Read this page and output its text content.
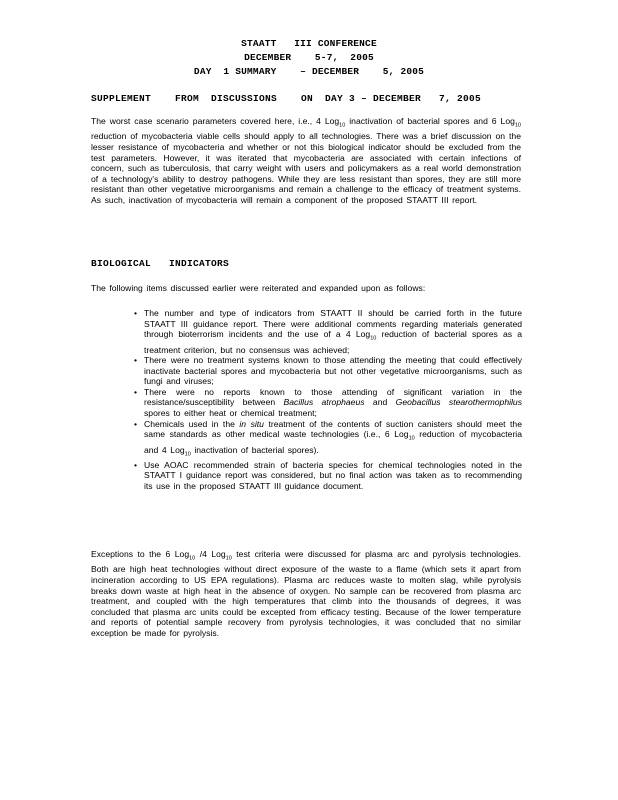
STAATT   III CONFERENCE
DECEMBER    5-7,  2005
DAY  1 SUMMARY    – DECEMBER    5, 2005
SUPPLEMENT    FROM  DISCUSSIONS    ON  DAY 3 – DECEMBER   7, 2005

The worst case scenario parameters covered here, i.e., 4 Log$_{10}$ inactivation of bacterial spores and 6 Log$_{10}$ reduction of mycobacteria viable cells should apply to all technologies. There was a brief discussion on the lesser resistance of mycobacteria and whether or not this biological indicator should be excluded from the test parameters. However, it was iterated that mycobacteria are associated with certain infections of concern, such as tuberculosis, that carry weight with users and policymakers as a real world demonstration of a technology's ability to destroy pathogens. While they are less resistant than spores, they are still more resistant than other vegetative microorganisms and remain a challenge to the efficacy of treatment systems. As such, inactivation of mycobacteria will remain a component of the proposed STAATT III report.

BIOLOGICAL   INDICATORS

The following items discussed earlier were reiterated and expanded upon as follows:

• The number and type of indicators from STAATT II should be carried forth in the future STAATT III guidance report. There were additional comments regarding materials generated through bioterrorism incidents and the use of a 4 Log$_{10}$ reduction of bacterial spores as a treatment criterion, but no consensus was achieved;
• There were no treatment systems known to those attending the meeting that could effectively inactivate bacterial spores and mycobacteria but not other vegetative microorganisms, such as fungi and viruses;
• There were no reports known to those attending of significant variation in the resistance/susceptibility between Bacillus atrophaeus and Geobacillus stearothermophilus spores to either heat or chemical treatment;
• Chemicals used in the in situ treatment of the contents of suction canisters should meet the same standards as other medical waste technologies (i.e., 6 Log$_{10}$ reduction of mycobacteria and 4 Log$_{10}$ inactivation of bacterial spores).
• Use AOAC recommended strain of bacteria species for chemical technologies noted in the STAATT I guidance report was considered, but no final action was taken as to recommending its use in the proposed STAATT III guidance document.

Exceptions to the 6 Log$_{10}$ /4 Log$_{10}$ test criteria were discussed for plasma arc and pyrolysis technologies. Both are high heat technologies without direct exposure of the waste to a flame (which sets it apart from incineration according to US EPA regulations). Plasma arc reduces waste to molten slag, while pyrolysis breaks down waste at high heat in the absence of oxygen. No sample can be recovered from plasma arc treatment, and coupled with the high temperatures that climb into the thousands of degrees, it was concluded that plasma arc units could be excepted from efficacy testing. Because of the lower temperature and reports of potential sample recovery from pyrolysis technologies, it was concluded that no similar exception be made for pyrolysis.
